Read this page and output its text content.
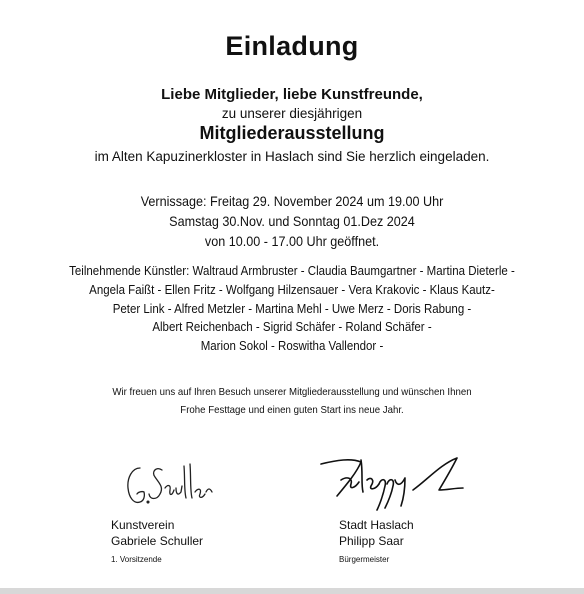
Einladung
Liebe Mitglieder, liebe Kunstfreunde,
zu unserer diesjährigen
Mitgliederausstellung
im Alten Kapuzinerkloster in Haslach sind Sie herzlich eingeladen.
Vernissage: Freitag 29. November 2024 um 19.00 Uhr
Samstag 30.Nov. und Sonntag 01.Dez 2024
von 10.00 - 17.00 Uhr geöffnet.
Teilnehmende Künstler: Waltraud Armbruster - Claudia Baumgartner - Martina Dieterle -
Angela Faißt - Ellen Fritz - Wolfgang Hilzensauer - Vera Krakovic - Klaus Kautz-
Peter Link - Alfred Metzler - Martina Mehl - Uwe Merz - Doris Rabung -
Albert Reichenbach - Sigrid Schäfer - Roland Schäfer -
Marion Sokol - Roswitha Vallendor -
Wir freuen uns auf Ihren Besuch unserer Mitgliederausstellung und wünschen Ihnen
Frohe Festtage und einen guten Start ins neue Jahr.
Kunstverein
Gabriele Schuller
1. Vorsitzende
Stadt Haslach
Philipp Saar
Bürgermeister
